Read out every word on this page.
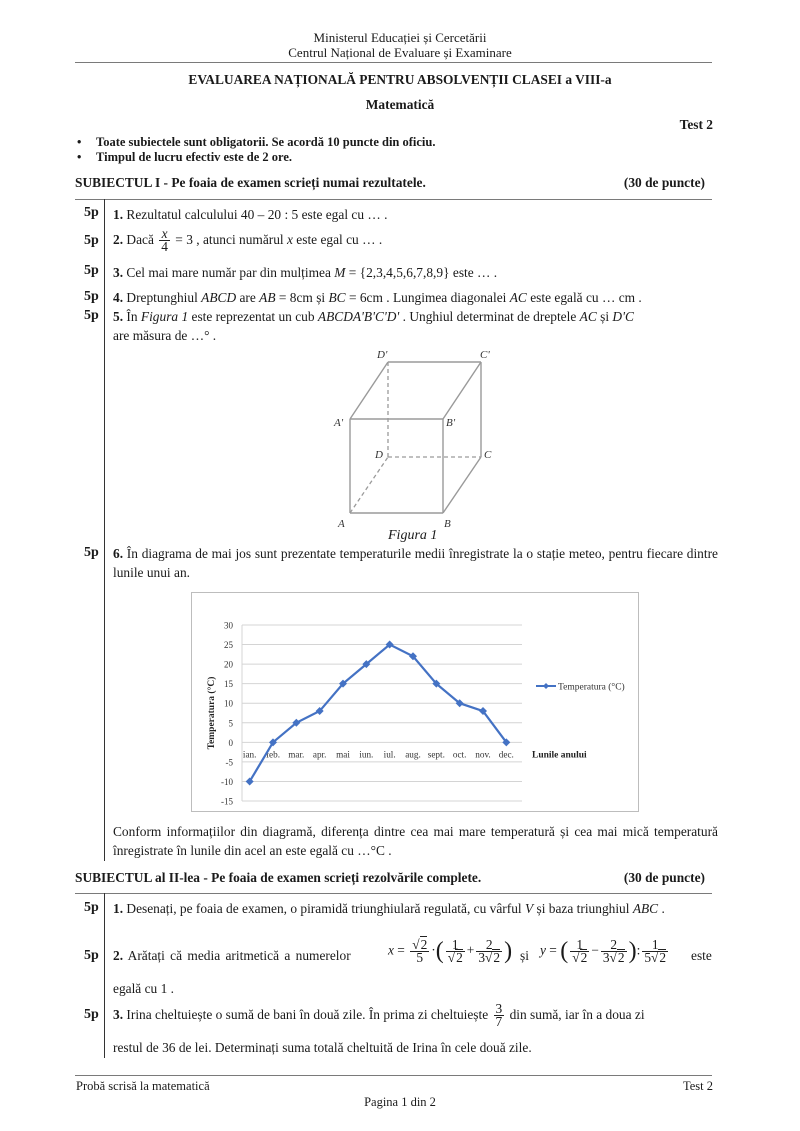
Ministerul Educației și Cercetării
Centrul Național de Evaluare și Examinare
EVALUAREA NAȚIONALĂ PENTRU ABSOLVENȚII CLASEI a VIII-a
Matematică
Test 2
• Toate subiectele sunt obligatorii. Se acordă 10 puncte din oficiu.
• Timpul de lucru efectiv este de 2 ore.
SUBIECTUL I - Pe foaia de examen scrieți numai rezultatele.	(30 de puncte)
5p 1. Rezultatul calculului 40 – 20 : 5 este egal cu … .
5p 2. Dacă $\frac{x}{4} = 3$ , atunci numărul x este egal cu … .
5p 3. Cel mai mare număr par din mulțimea M = {2,3,4,5,6,7,8,9} este … .
5p 4. Dreptunghiul ABCD are AB = 8cm și BC = 6cm . Lungimea diagonalei AC este egală cu … cm .
5p 5. În Figura 1 este reprezentat un cub ABCDA'B'C'D' . Unghiul determinat de dreptele AC și D'C
are măsura de …° .
A	B
C
D
A'	B'
C'
D'
Figura 1
5p 6. În diagrama de mai jos sunt prezentate temperaturile medii înregistrate la o stație meteo, pentru fiecare dintre lunile unui an.
30
25
20
15
10
5
0
-5
-10
-15
Temperatura (°C)
ian. feb. mar. apr. mai iun. iul. aug. sept. oct. nov. dec. Lunile anului
Temperatura (°C)
Conform informațiilor din diagramă, diferența dintre cea mai mare temperatură și cea mai mică temperatură înregistrate în lunile din acel an este egală cu …°C .
SUBIECTUL al II-lea - Pe foaia de examen scrieți rezolvările complete.	(30 de puncte)
5p 1. Desenați, pe foaia de examen, o piramidă triunghiulară regulată, cu vârful V și baza triunghiul ABC .
5p 2. Arătați că media aritmetică a numerelor	$x = \frac{√2}{5}$ ·( $\frac{1}{√2} + \frac{2}{3√2}$ ) și y = ( $\frac{1}{√2} - \frac{2}{3√2}$ ): $\frac{1}{5√2}$ este
egală cu 1 .
5p 3. Irina cheltuiește o sumă de bani în două zile. În prima zi cheltuiește $\frac{3}{7}$ din sumă, iar în a doua zi
restul de 36 de lei. Determinați suma totală cheltuită de Irina în cele două zile.
Probă scrisă la matematică	Test 2
Pagina 1 din 2
